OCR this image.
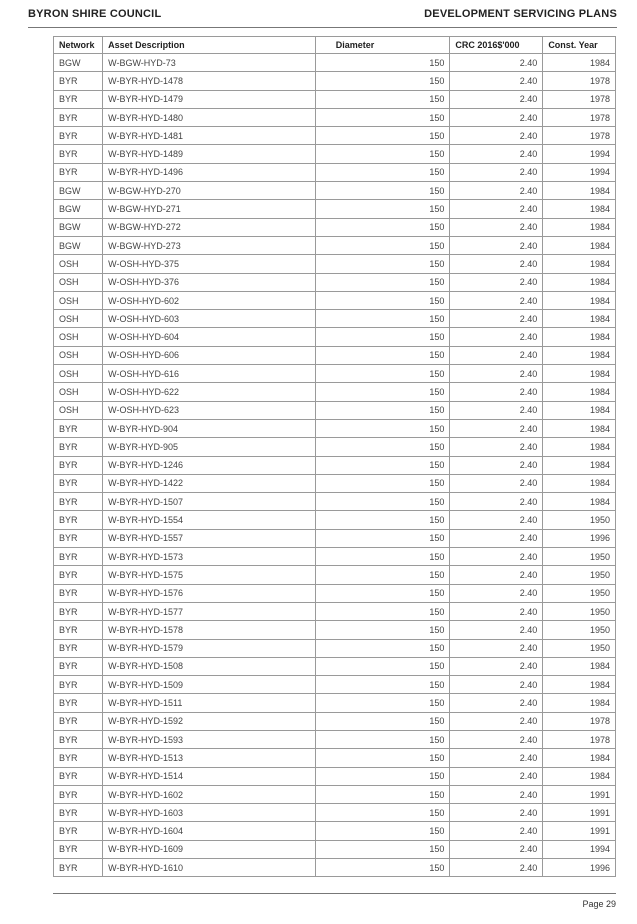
BYRON SHIRE COUNCIL	DEVELOPMENT SERVICING PLANS
Network	Asset Description	Diameter	CRC 2016$'000	Const. Year
BGW	W-BGW-HYD-73	150	2.40	1984
BYR	W-BYR-HYD-1478	150	2.40	1978
BYR	W-BYR-HYD-1479	150	2.40	1978
BYR	W-BYR-HYD-1480	150	2.40	1978
BYR	W-BYR-HYD-1481	150	2.40	1978
BYR	W-BYR-HYD-1489	150	2.40	1994
BYR	W-BYR-HYD-1496	150	2.40	1994
BGW	W-BGW-HYD-270	150	2.40	1984
BGW	W-BGW-HYD-271	150	2.40	1984
BGW	W-BGW-HYD-272	150	2.40	1984
BGW	W-BGW-HYD-273	150	2.40	1984
OSH	W-OSH-HYD-375	150	2.40	1984
OSH	W-OSH-HYD-376	150	2.40	1984
OSH	W-OSH-HYD-602	150	2.40	1984
OSH	W-OSH-HYD-603	150	2.40	1984
OSH	W-OSH-HYD-604	150	2.40	1984
OSH	W-OSH-HYD-606	150	2.40	1984
OSH	W-OSH-HYD-616	150	2.40	1984
OSH	W-OSH-HYD-622	150	2.40	1984
OSH	W-OSH-HYD-623	150	2.40	1984
BYR	W-BYR-HYD-904	150	2.40	1984
BYR	W-BYR-HYD-905	150	2.40	1984
BYR	W-BYR-HYD-1246	150	2.40	1984
BYR	W-BYR-HYD-1422	150	2.40	1984
BYR	W-BYR-HYD-1507	150	2.40	1984
BYR	W-BYR-HYD-1554	150	2.40	1950
BYR	W-BYR-HYD-1557	150	2.40	1996
BYR	W-BYR-HYD-1573	150	2.40	1950
BYR	W-BYR-HYD-1575	150	2.40	1950
BYR	W-BYR-HYD-1576	150	2.40	1950
BYR	W-BYR-HYD-1577	150	2.40	1950
BYR	W-BYR-HYD-1578	150	2.40	1950
BYR	W-BYR-HYD-1579	150	2.40	1950
BYR	W-BYR-HYD-1508	150	2.40	1984
BYR	W-BYR-HYD-1509	150	2.40	1984
BYR	W-BYR-HYD-1511	150	2.40	1984
BYR	W-BYR-HYD-1592	150	2.40	1978
BYR	W-BYR-HYD-1593	150	2.40	1978
BYR	W-BYR-HYD-1513	150	2.40	1984
BYR	W-BYR-HYD-1514	150	2.40	1984
BYR	W-BYR-HYD-1602	150	2.40	1991
BYR	W-BYR-HYD-1603	150	2.40	1991
BYR	W-BYR-HYD-1604	150	2.40	1991
BYR	W-BYR-HYD-1609	150	2.40	1994
BYR	W-BYR-HYD-1610	150	2.40	1996
Page 29
